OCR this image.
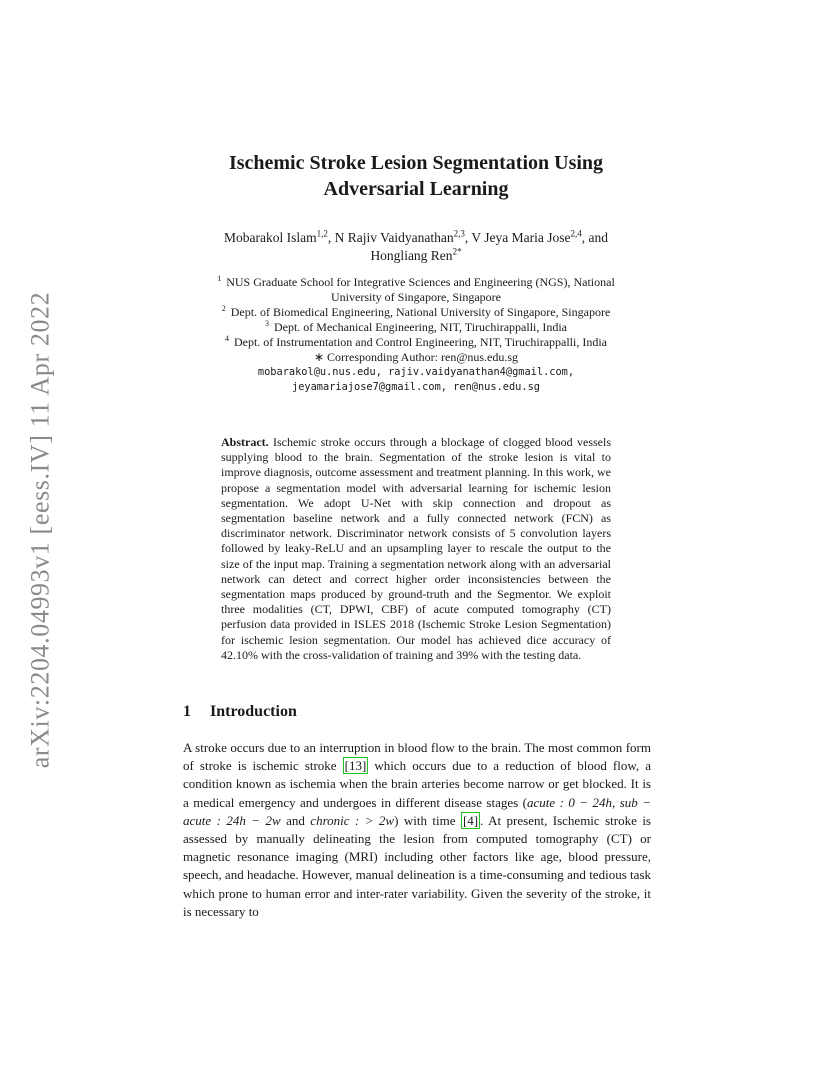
arXiv:2204.04993v1 [eess.IV] 11 Apr 2022
Ischemic Stroke Lesion Segmentation Using
Adversarial Learning
Mobarakol Islam$^{1,2}$, N Rajiv Vaidyanathan$^{2,3}$, V Jeya Maria Jose$^{2,4}$, and
Hongliang Ren$^{2*}$
$^1$ NUS Graduate School for Integrative Sciences and Engineering (NGS), National
University of Singapore, Singapore
$^2$ Dept. of Biomedical Engineering, National University of Singapore, Singapore
$^3$ Dept. of Mechanical Engineering, NIT, Tiruchirappalli, India
$^4$ Dept. of Instrumentation and Control Engineering, NIT, Tiruchirappalli, India
∗ Corresponding Author: ren@nus.edu.sg
mobarakol@u.nus.edu, rajiv.vaidyanathan4@gmail.com,
jeyamariajose7@gmail.com, ren@nus.edu.sg
Abstract. Ischemic stroke occurs through a blockage of clogged blood vessels supplying blood to the brain. Segmentation of the stroke lesion is vital to improve diagnosis, outcome assessment and treatment planning. In this work, we propose a segmentation model with adversarial learning for ischemic lesion segmentation. We adopt U-Net with skip connection and dropout as segmentation baseline network and a fully connected network (FCN) as discriminator network. Discriminator network consists of 5 convolution layers followed by leaky-ReLU and an upsampling layer to rescale the output to the size of the input map. Training a segmentation network along with an adversarial network can detect and correct higher order inconsistencies between the segmentation maps produced by ground-truth and the Segmentor. We exploit three modalities (CT, DPWI, CBF) of acute computed tomography (CT) perfusion data provided in ISLES 2018 (Ischemic Stroke Lesion Segmentation) for ischemic lesion segmentation. Our model has achieved dice accuracy of 42.10% with the cross-validation of training and 39% with the testing data.
1 Introduction
A stroke occurs due to an interruption in blood flow to the brain. The most common form of stroke is ischemic stroke [13] which occurs due to a reduction of blood flow, a condition known as ischemia when the brain arteries become narrow or get blocked. It is a medical emergency and undergoes in different disease stages (acute : 0 − 24h, sub − acute : 24h − 2w and chronic : > 2w) with time [4] . At present, Ischemic stroke is assessed by manually delineating the lesion from computed tomography (CT) or magnetic resonance imaging (MRI) including other factors like age, blood pressure, speech, and headache. However, manual delineation is a time-consuming and tedious task which prone to human error and inter-rater variability. Given the severity of the stroke, it is necessary to
